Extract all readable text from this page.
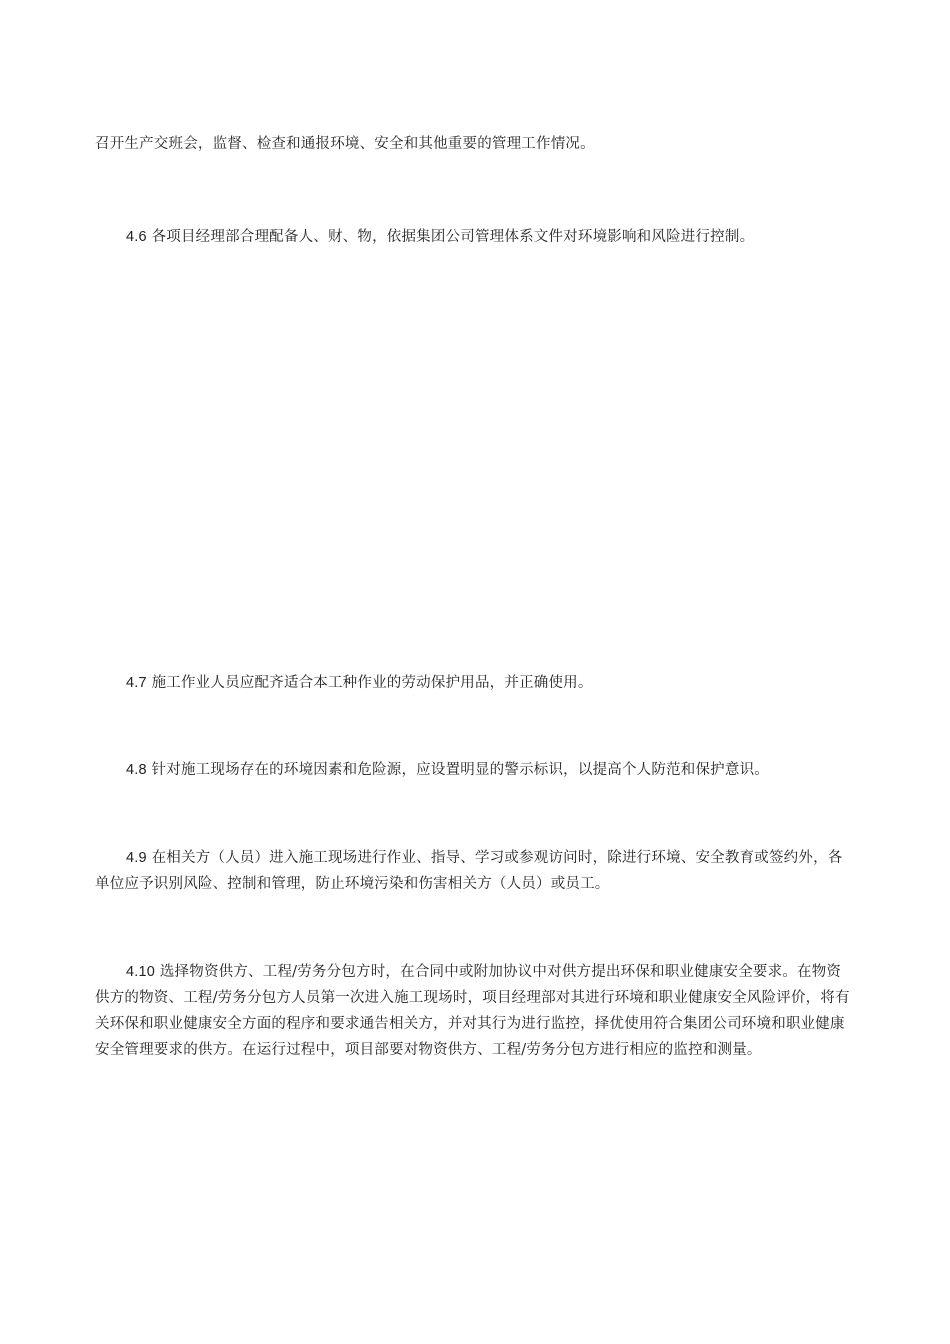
召开生产交班会，监督、检查和通报环境、安全和其他重要的管理工作情况。

4.6 各项目经理部合理配备人、财、物，依据集团公司管理体系文件对环境影响和风险进行控制。

4.7 施工作业人员应配齐适合本工种作业的劳动保护用品，并正确使用。

4.8 针对施工现场存在的环境因素和危险源，应设置明显的警示标识，以提高个人防范和保护意识。

4.9 在相关方（人员）进入施工现场进行作业、指导、学习或参观访问时，除进行环境、安全教育或签约外，各单位应予识别风险、控制和管理，防止环境污染和伤害相关方（人员）或员工。

4.10 选择物资供方、工程/劳务分包方时，在合同中或附加协议中对供方提出环保和职业健康安全要求。在物资供方的物资、工程/劳务分包方人员第一次进入施工现场时，项目经理部对其进行环境和职业健康安全风险评价，将有关环保和职业健康安全方面的程序和要求通告相关方，并对其行为进行监控，择优使用符合集团公司环境和职业健康安全管理要求的供方。在运行过程中，项目部要对物资供方、工程/劳务分包方进行相应的监控和测量。
